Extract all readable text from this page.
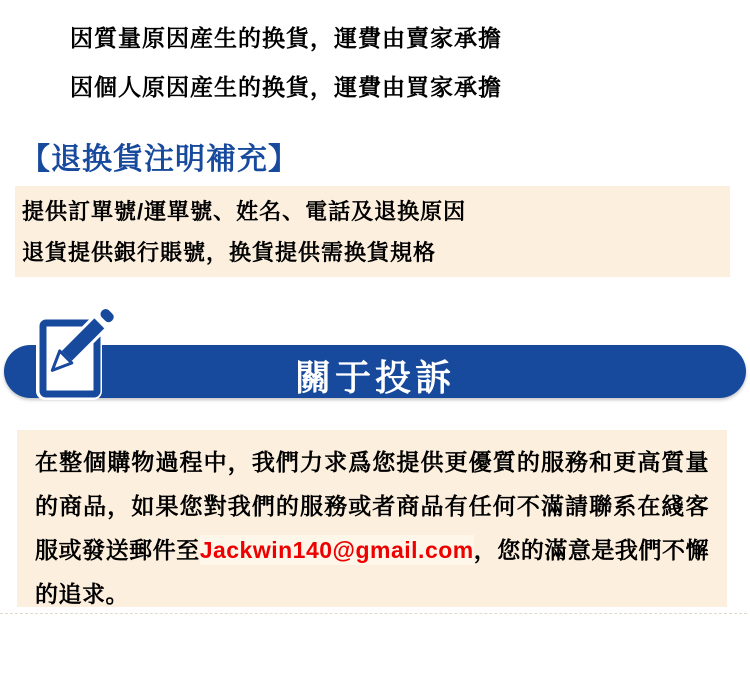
因質量原因産生的换貨，運費由賣家承擔
因個人原因産生的换貨，運費由買家承擔
【退换貨注明補充】

提供訂單號/運單號、姓名、電話及退换原因

退貨提供銀行賬號，换貨提供需换貨規格

關于投訴

在整個購物過程中，我們力求爲您提供更優質的服務和更高質量的商品，如果您對我們的服務或者商品有任何不滿請聯系在綫客服或發送郵件至Jackwin140@gmail.com，您的滿意是我們不懈的追求。
